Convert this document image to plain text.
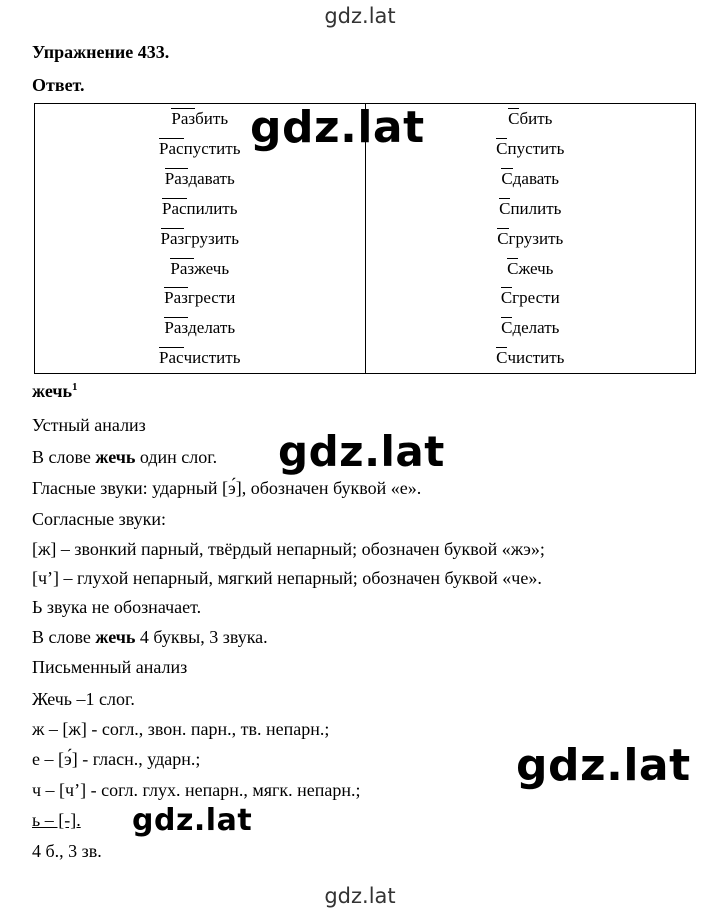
gdz.lat
Упражнение 433.
Ответ.
Разбить	Сбить
Распустить	Спустить
Раздавать	Сдавать
Распилить	Спилить
Разгрузить	Сгрузить
Разжечь	Сжечь
Разгрести	Сгрести
Разделать	Сделать
Расчистить	Счистить
gdz.lat
жечь$^1$
Устный анализ
В слове жечь один слог.
Гласные звуки: ударный [э́], обозначен буквой «е».
Согласные звуки:
[ж] – звонкий парный, твёрдый непарный; обозначен буквой «жэ»;
[ч’] – глухой непарный, мягкий непарный; обозначен буквой «че».
Ь звука не обозначает.
В слове жечь 4 буквы, 3 звука.
Письменный анализ
Жечь –1 слог.
ж – [ж] - согл., звон. парн., тв. непарн.;
е – [э́] - гласн., ударн.;
ч – [ч’] - согл. глух. непарн., мягк. непарн.;
ь – [-].
4 б., 3 зв.
gdz.lat
gdz.lat
gdz.lat
gdz.lat
